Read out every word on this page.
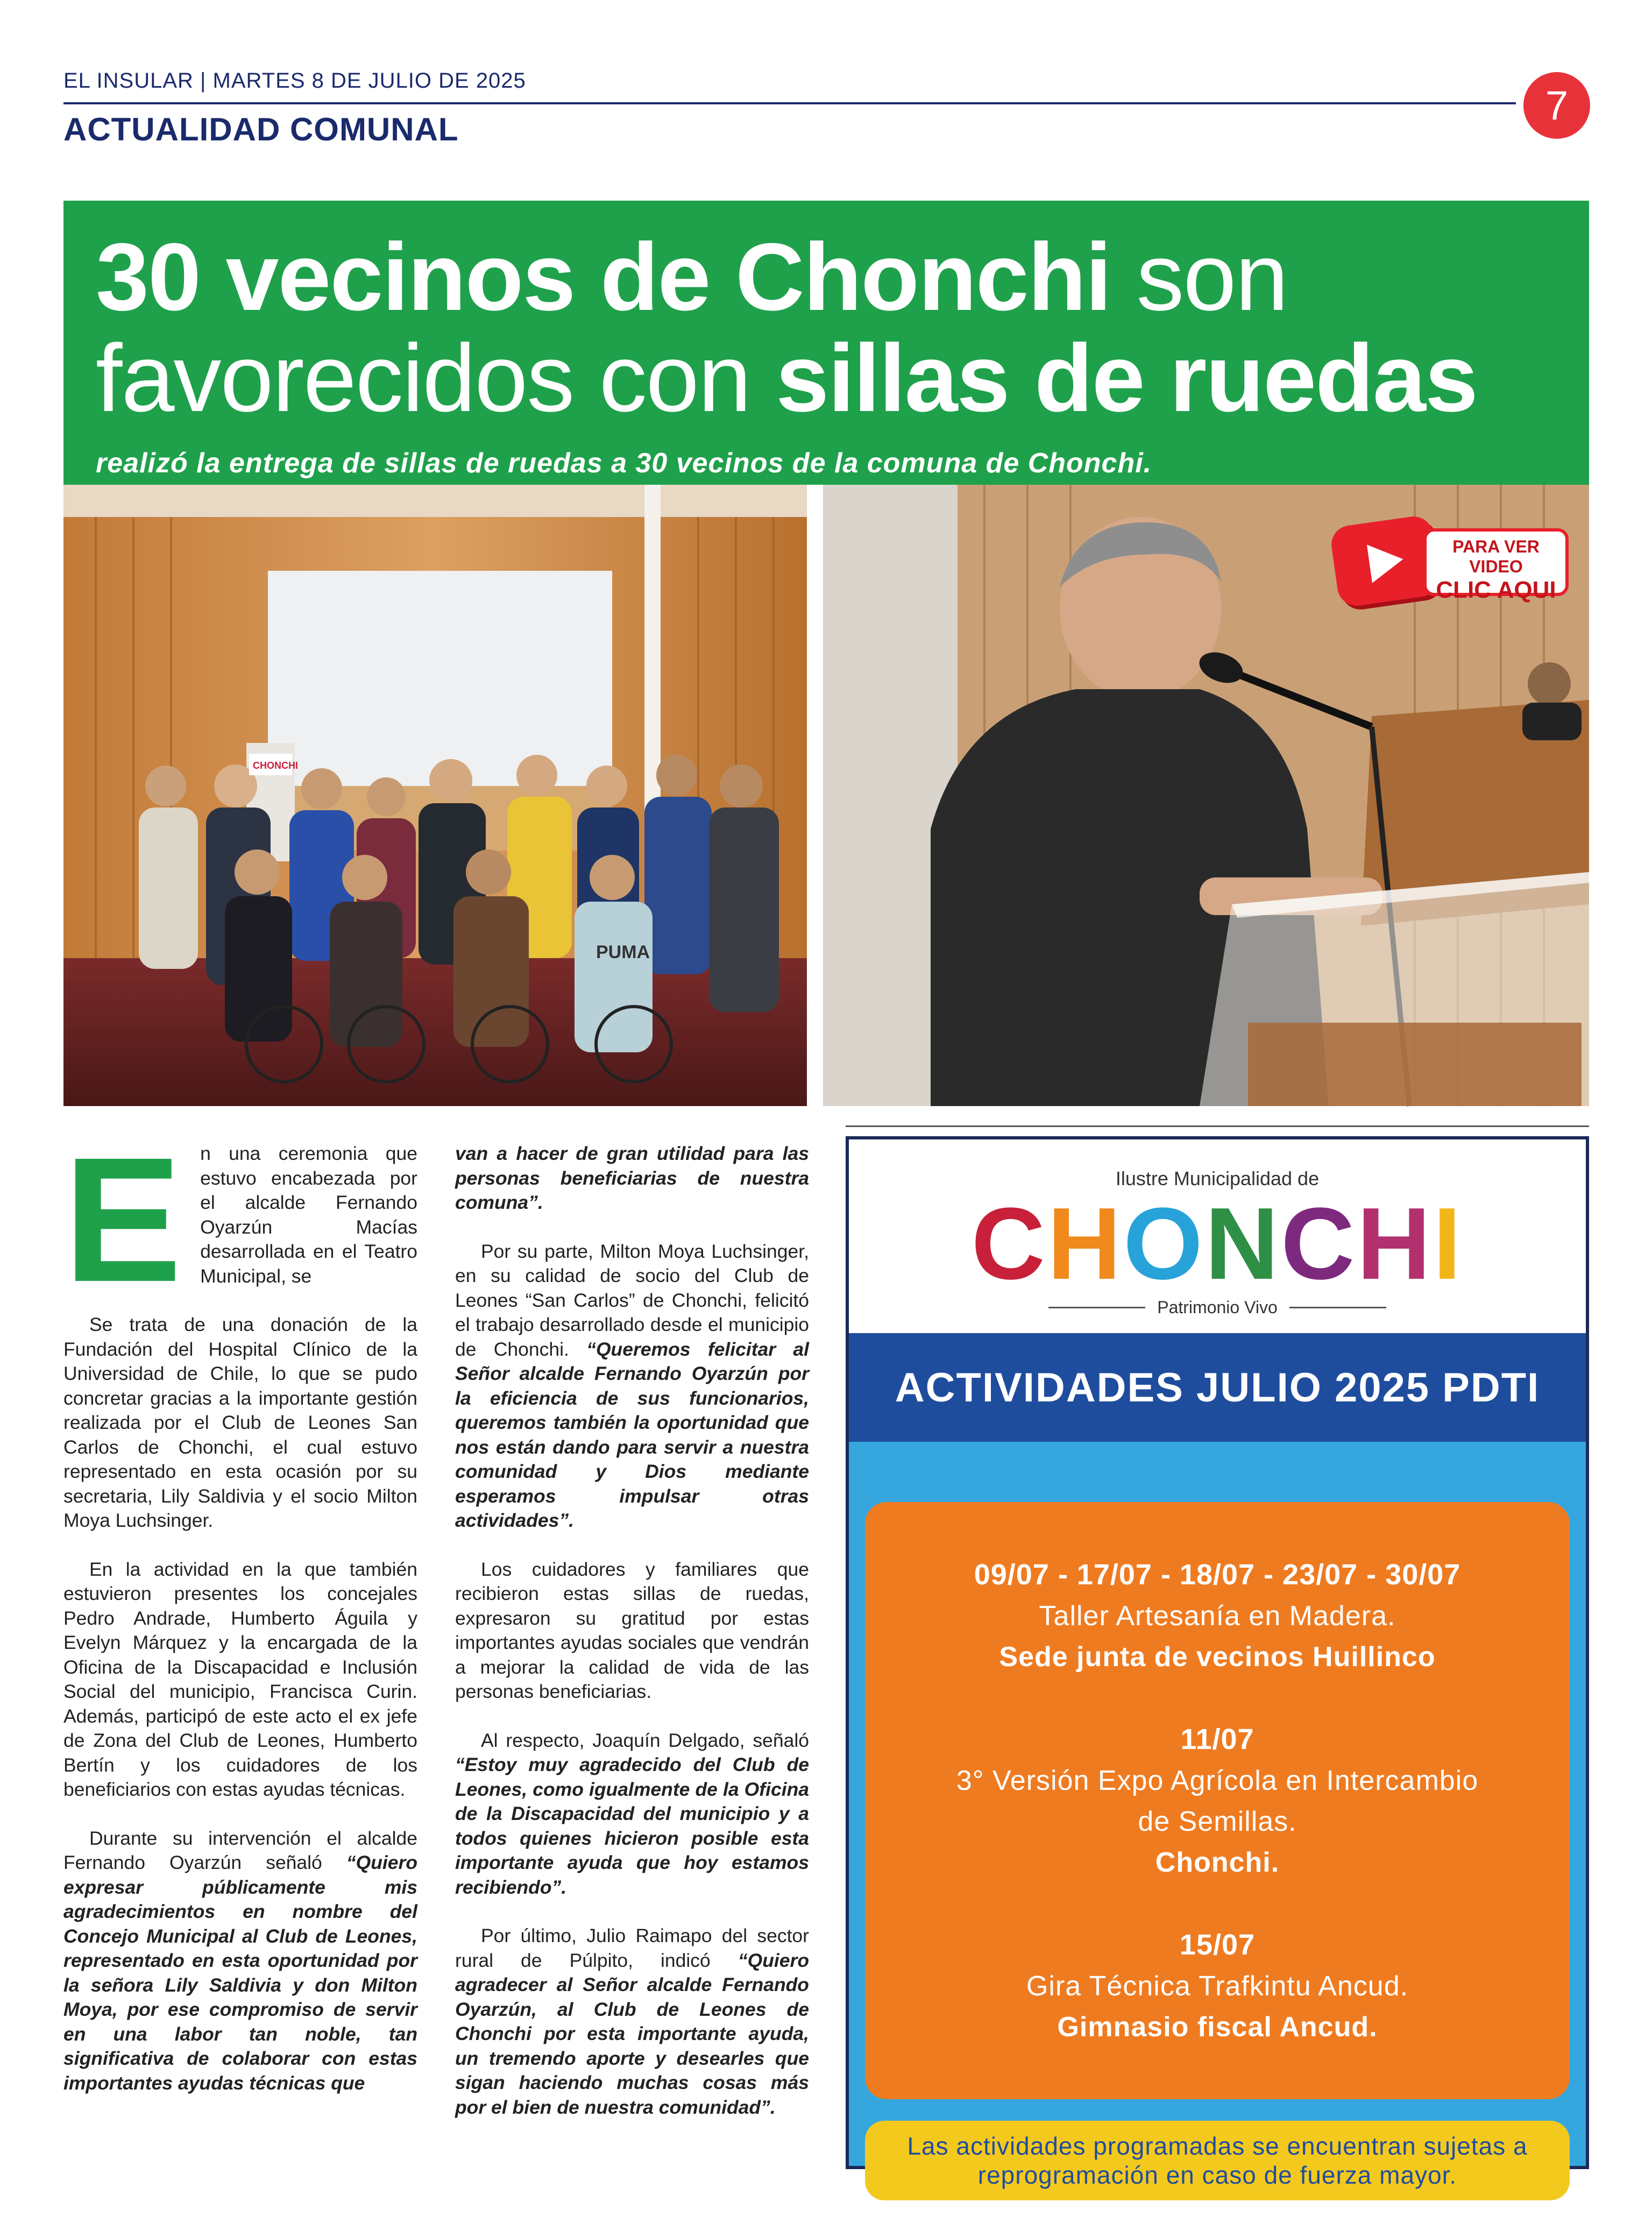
EL INSULAR | MARTES 8 DE JULIO DE 2025
7
ACTUALIDAD COMUNAL
30 vecinos de Chonchi son
favorecidos con sillas de ruedas
realizó la entrega de sillas de ruedas a 30 vecinos de la comuna de Chonchi.
PUMA
CHONCHI
PARA VER VIDEO
CLIC AQUI

En una ceremonia que estuvo encabezada por el alcalde Fernando Oyarzún Macías desarrollada en el Teatro Municipal, se

Se trata de una donación de la Fundación del Hospital Clínico de la Universidad de Chile, lo que se pudo concretar gracias a la importante gestión realizada por el Club de Leones San Carlos de Chonchi, el cual estuvo representado en esta ocasión por su secretaria, Lily Saldivia y el socio Milton Moya Luchsinger.

En la actividad en la que también estuvieron presentes los concejales Pedro Andrade, Humberto Águila y Evelyn Márquez y la encargada de la Oficina de la Discapacidad e Inclusión Social del municipio, Francisca Curin. Además, participó de este acto el ex jefe de Zona del Club de Leones, Humberto Bertín y los cuidadores de los beneficiarios con estas ayudas técnicas.

Durante su intervención el alcalde Fernando Oyarzún señaló “Quiero expresar públicamente mis agradecimientos en nombre del Concejo Municipal al Club de Leones, representado en esta oportunidad por la señora Lily Saldivia y don Milton Moya, por ese compromiso de servir en una labor tan noble, tan significativa de colaborar con estas importantes ayudas técnicas que

van a hacer de gran utilidad para las personas beneficiarias de nuestra comuna”.

Por su parte, Milton Moya Luchsinger, en su calidad de socio del Club de Leones “San Carlos” de Chonchi, felicitó el trabajo desarrollado desde el municipio de Chonchi. “Queremos felicitar al Señor alcalde Fernando Oyarzún por la eficiencia de sus funcionarios, queremos también la oportunidad que nos están dando para servir a nuestra comunidad y Dios mediante esperamos impulsar otras actividades”.

Los cuidadores y familiares que recibieron estas sillas de ruedas, expresaron su gratitud por estas importantes ayudas sociales que vendrán a mejorar la calidad de vida de las personas beneficiarias.

Al respecto, Joaquín Delgado, señaló “Estoy muy agradecido del Club de Leones, como igualmente de la Oficina de la Discapacidad del municipio y a todos quienes hicieron posible esta importante ayuda que hoy estamos recibiendo”.

Por último, Julio Raimapo del sector rural de Púlpito, indicó “Quiero agradecer al Señor alcalde Fernando Oyarzún, al Club de Leones de Chonchi por esta importante ayuda, un tremendo aporte y desearles que sigan haciendo muchas cosas más por el bien de nuestra comunidad”.

Ilustre Municipalidad de
CHONCHI
Patrimonio Vivo
ACTIVIDADES JULIO 2025 PDTI
09/07 - 17/07 - 18/07 - 23/07 - 30/07
Taller Artesanía en Madera.
Sede junta de vecinos Huillinco
11/07
3° Versión Expo Agrícola en Intercambio de Semillas.
Chonchi.
15/07
Gira Técnica Trafkintu Ancud.
Gimnasio fiscal Ancud.
Las actividades programadas se encuentran sujetas a reprogramación en caso de fuerza mayor.
